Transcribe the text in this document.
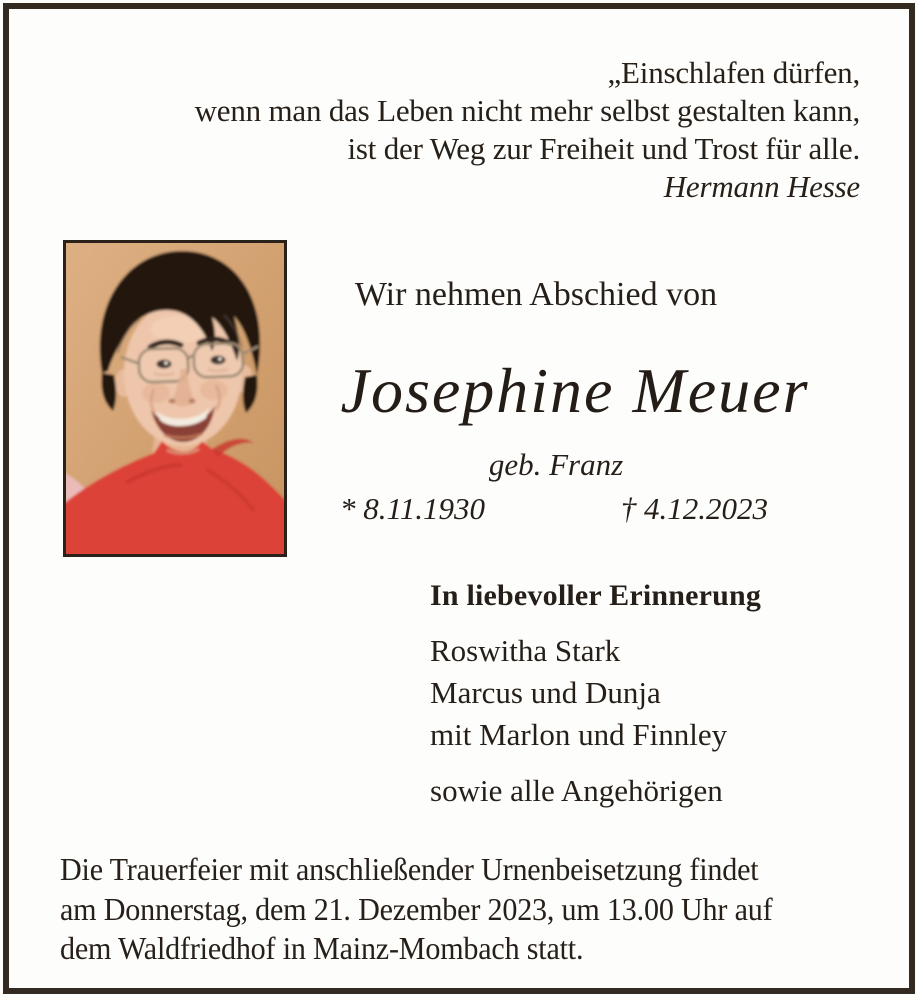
„Einschlafen dürfen,
wenn man das Leben nicht mehr selbst gestalten kann,
ist der Weg zur Freiheit und Trost für alle.
Hermann Hesse
Wir nehmen Abschied von
Josephine Meuer
geb. Franz
* 8.11.1930	† 4.12.2023
In liebevoller Erinnerung
Roswitha Stark
Marcus und Dunja
mit Marlon und Finnley
sowie alle Angehörigen
Die Trauerfeier mit anschließender Urnenbeisetzung findet
am Donnerstag, dem 21. Dezember 2023, um 13.00 Uhr auf
dem Waldfriedhof in Mainz-Mombach statt.
